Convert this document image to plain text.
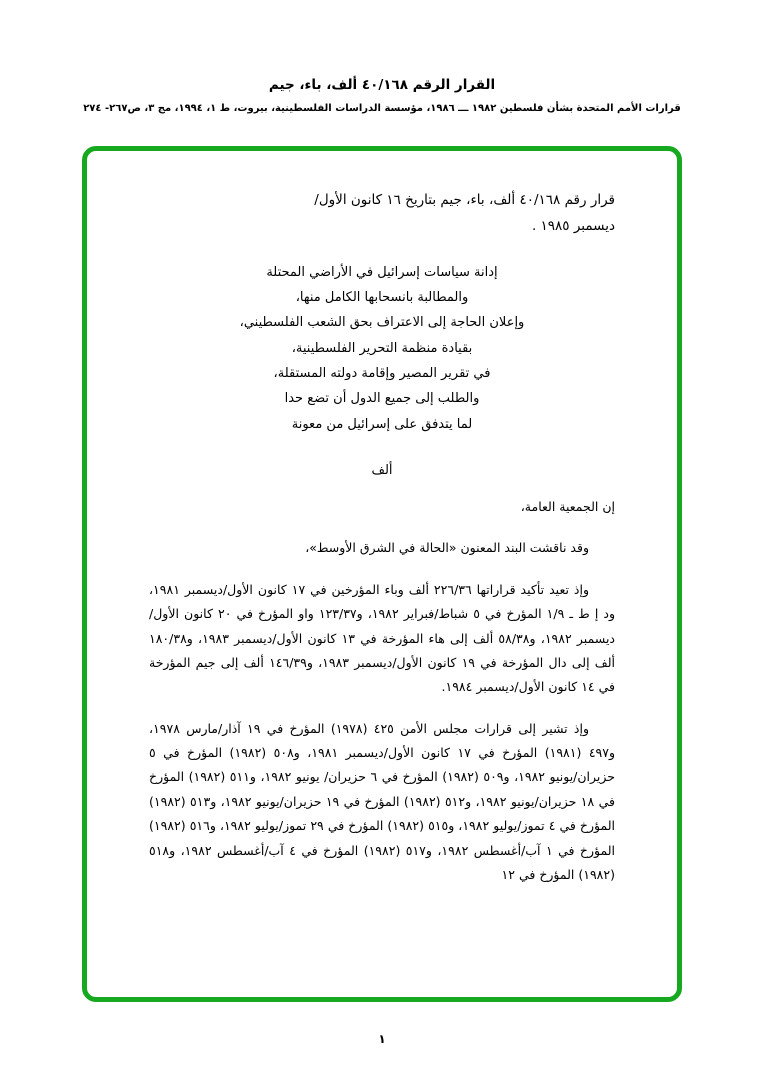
القرار الرقم ٤٠/١٦٨ ألف، باء، جيم
قرارات الأمم المتحدة بشأن فلسطين ١٩٨٢ ـــ ١٩٨٦، مؤسسة الدراسات الفلسطينية، بيروت، ط ١، ١٩٩٤، مج ٣، ص٢٦٧- ٢٧٤
قرار رقم ٤٠/١٦٨ ألف، باء، جيم بتاريخ ١٦ كانون الأول/
ديسمبر ١٩٨٥ .
إدانة سياسات إسرائيل في الأراضي المحتلة
والمطالبة بانسحابها الكامل منها،
وإعلان الحاجة إلى الاعتراف بحق الشعب الفلسطيني،
بقيادة منظمة التحرير الفلسطينية،
في تقرير المصير وإقامة دولته المستقلة،
والطلب إلى جميع الدول أن تضع حدا
لما يتدفق على إسرائيل من معونة
ألف
إن الجمعية العامة،
وقد ناقشت البند المعنون «الحالة في الشرق الأوسط»،
وإذ تعيد تأكيد قراراتها ٢٢٦/٣٦ ألف وباء المؤرخين في ١٧ كانون الأول/ديسمبر ١٩٨١، ود إ ط ـ ١/٩ المؤرخ في ٥ شباط/فبراير ١٩٨٢، و١٢٣/٣٧ واو المؤرخ في ٢٠ كانون الأول/ديسمبر ١٩٨٢، و٥٨/٣٨ ألف إلى هاء المؤرخة في ١٣ كانون الأول/ديسمبر ١٩٨٣، و١٨٠/٣٨ ألف إلى دال المؤرخة في ١٩ كانون الأول/ديسمبر ١٩٨٣، و١٤٦/٣٩ ألف إلى جيم المؤرخة في ١٤ كانون الأول/ديسمبر ١٩٨٤.
وإذ تشير إلى قرارات مجلس الأمن ٤٢٥ (١٩٧٨) المؤرخ في ١٩ آذار/مارس ١٩٧٨، و٤٩٧ (١٩٨١) المؤرخ في ١٧ كانون الأول/ديسمبر ١٩٨١، و٥٠٨ (١٩٨٢) المؤرخ في ٥ حزيران/يونيو ١٩٨٢، و٥٠٩ (١٩٨٢) المؤرخ في ٦ حزيران/ يونيو ١٩٨٢، و٥١١ (١٩٨٢) المؤرخ في ١٨ حزيران/يونيو ١٩٨٢، و٥١٢ (١٩٨٢) المؤرخ في ١٩ حزيران/يونيو ١٩٨٢، و٥١٣ (١٩٨٢) المؤرخ في ٤ تموز/يوليو ١٩٨٢، و٥١٥ (١٩٨٢) المؤرخ في ٢٩ تموز/يوليو ١٩٨٢، و٥١٦ (١٩٨٢) المؤرخ في ١ آب/أغسطس ١٩٨٢، و٥١٧ (١٩٨٢) المؤرخ في ٤ آب/أغسطس ١٩٨٢، و٥١٨ (١٩٨٢) المؤرخ في ١٢
١
